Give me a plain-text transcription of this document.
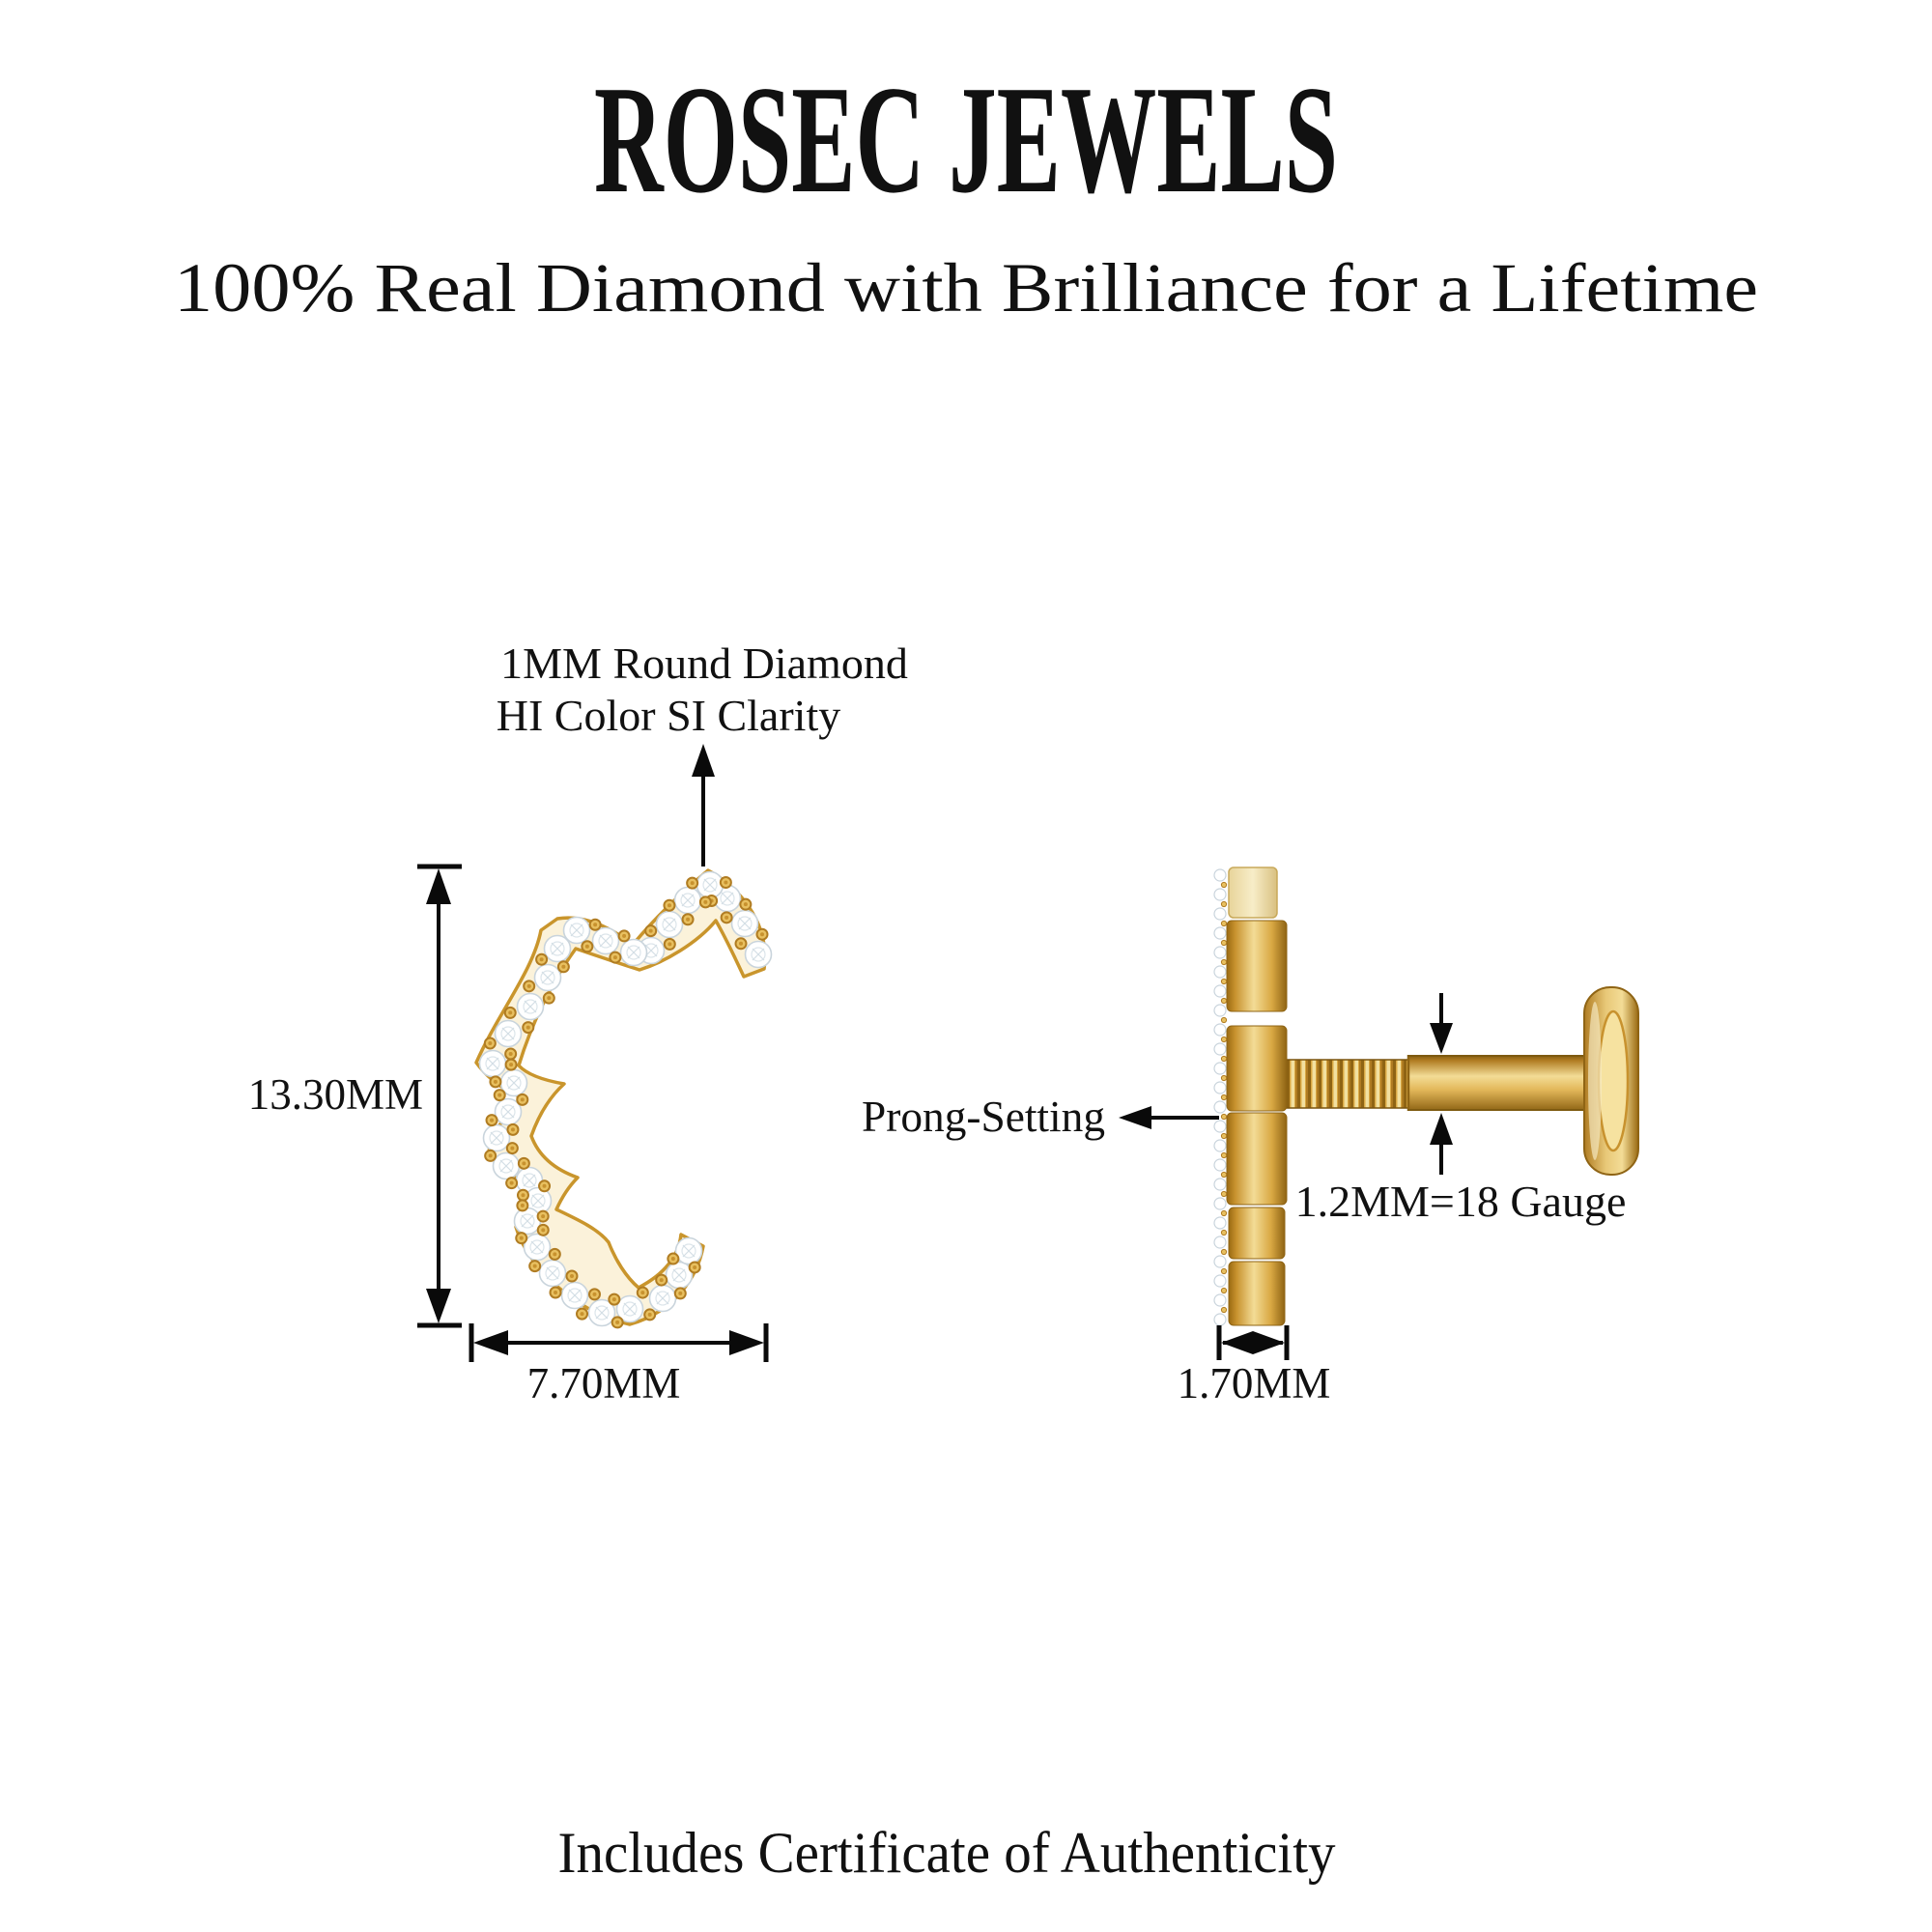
ROSEC JEWELS
100% Real Diamond with Brilliance for a Lifetime
13.30MM
7.70MM	1.70MM
1MM Round Diamond
HI Color SI Clarity
Prong-Setting
1.2MM=18 Gauge
Includes Certificate of Authenticity
